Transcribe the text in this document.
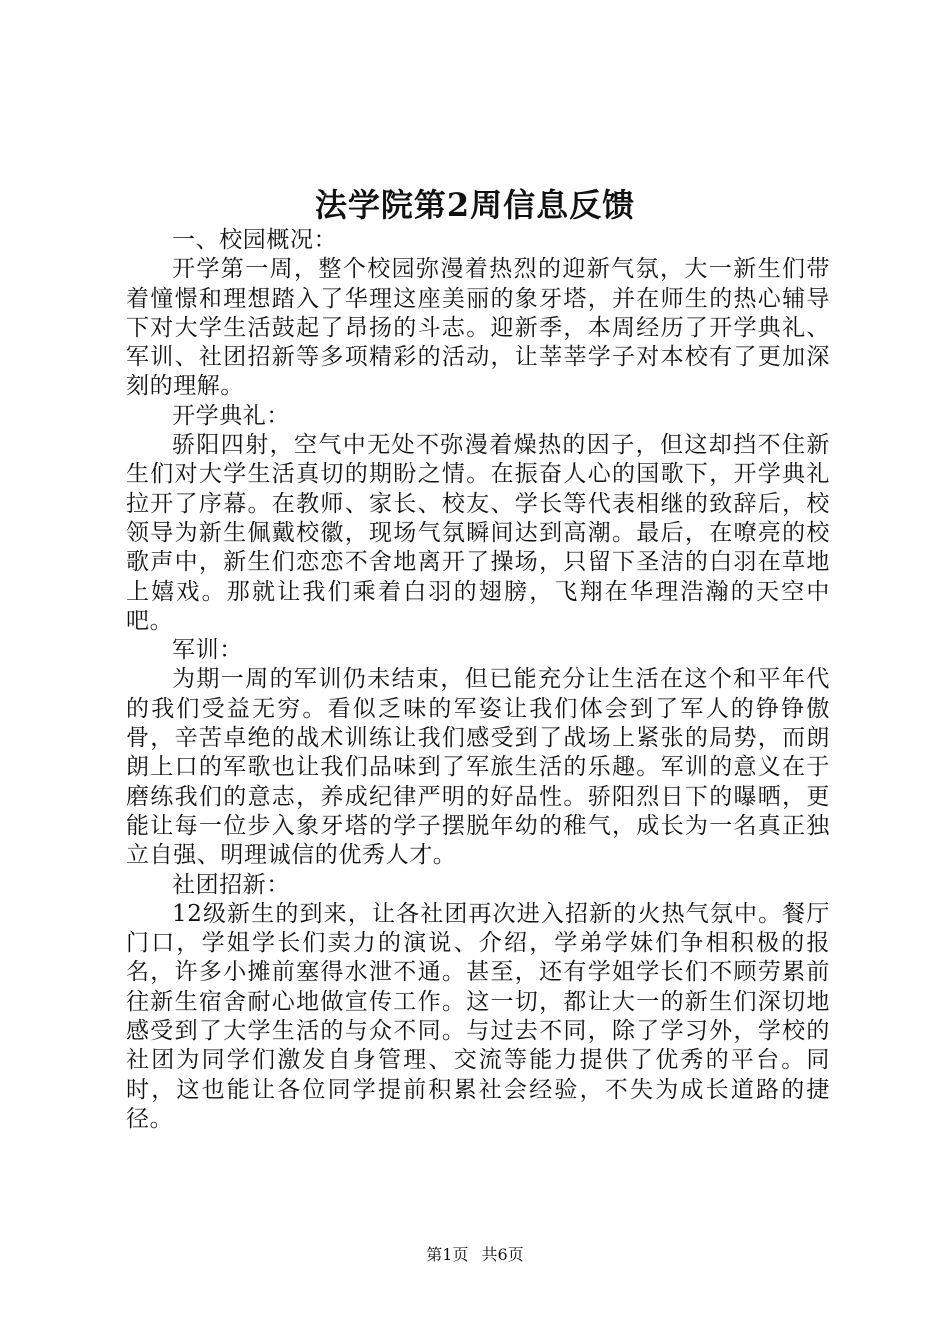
法学院第2周信息反馈

一、校园概况：

开学第一周，整个校园弥漫着热烈的迎新气氛，大一新生们带着憧憬和理想踏入了华理这座美丽的象牙塔，并在师生的热心辅导下对大学生活鼓起了昂扬的斗志。迎新季，本周经历了开学典礼、军训、社团招新等多项精彩的活动，让莘莘学子对本校有了更加深刻的理解。

开学典礼：

骄阳四射，空气中无处不弥漫着燥热的因子，但这却挡不住新生们对大学生活真切的期盼之情。在振奋人心的国歌下，开学典礼拉开了序幕。在教师、家长、校友、学长等代表相继的致辞后，校领导为新生佩戴校徽，现场气氛瞬间达到高潮。最后，在嘹亮的校歌声中，新生们恋恋不舍地离开了操场，只留下圣洁的白羽在草地上嬉戏。那就让我们乘着白羽的翅膀，飞翔在华理浩瀚的天空中吧。

军训：

为期一周的军训仍未结束，但已能充分让生活在这个和平年代的我们受益无穷。看似乏味的军姿让我们体会到了军人的铮铮傲骨，辛苦卓绝的战术训练让我们感受到了战场上紧张的局势，而朗朗上口的军歌也让我们品味到了军旅生活的乐趣。军训的意义在于磨练我们的意志，养成纪律严明的好品性。骄阳烈日下的曝晒，更能让每一位步入象牙塔的学子摆脱年幼的稚气，成长为一名真正独立自强、明理诚信的优秀人才。

社团招新：

12级新生的到来，让各社团再次进入招新的火热气氛中。餐厅门口，学姐学长们卖力的演说、介绍，学弟学妹们争相积极的报名，许多小摊前塞得水泄不通。甚至，还有学姐学长们不顾劳累前往新生宿舍耐心地做宣传工作。这一切，都让大一的新生们深切地感受到了大学生活的与众不同。与过去不同，除了学习外，学校的社团为同学们激发自身管理、交流等能力提供了优秀的平台。同时，这也能让各位同学提前积累社会经验，不失为成长道路的捷径。

第1页 共6页
